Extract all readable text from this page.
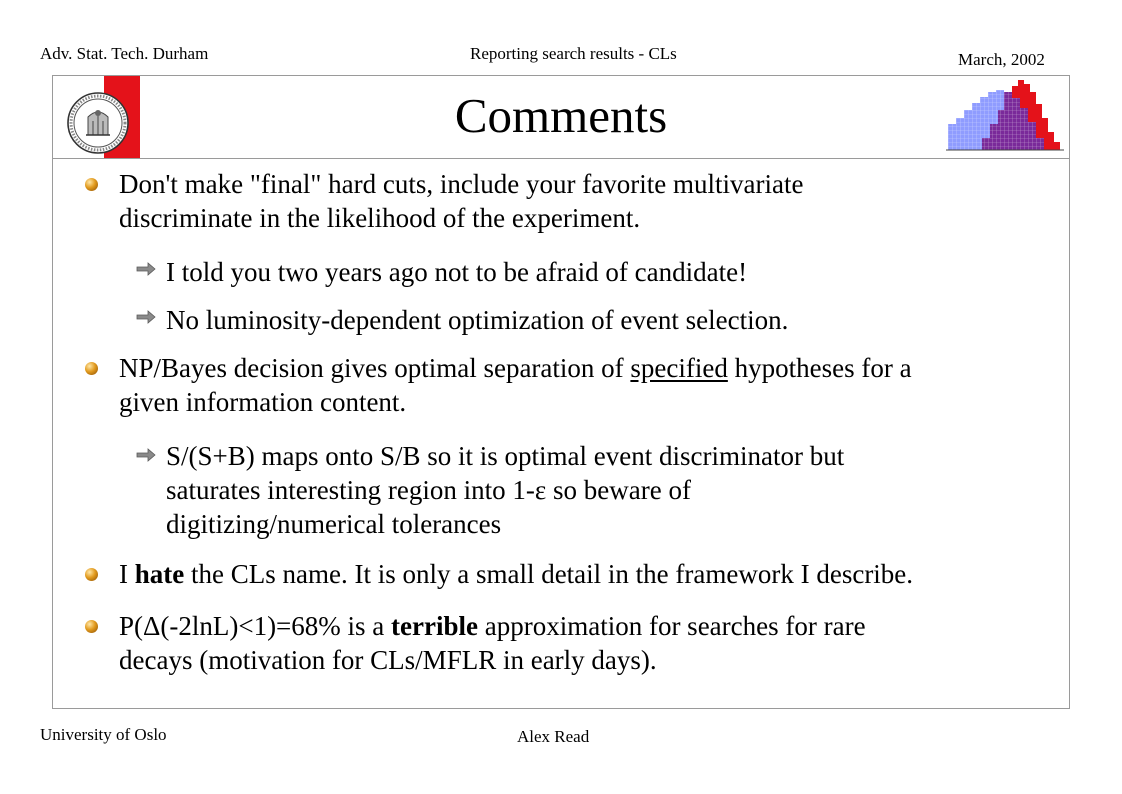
Adv. Stat. Tech. Durham	Reporting search results - CLs	March, 2002
University of Oslo	Alex Read
Comments
Don't make "final" hard cuts, include your favorite multivariate
discriminate in the likelihood of the experiment.
I told you two years ago not to be afraid of candidate!
No luminosity-dependent optimization of event selection.
NP/Bayes decision gives optimal separation of specified hypotheses for a
given information content.
S/(S+B) maps onto S/B so it is optimal event discriminator but
saturates interesting region into 1-ε so beware of
digitizing/numerical tolerances
I hate the CLs name. It is only a small detail in the framework I describe.
P(Δ(-2lnL)<1)=68% is a terrible approximation for searches for rare
decays (motivation for CLs/MFLR in early days).
